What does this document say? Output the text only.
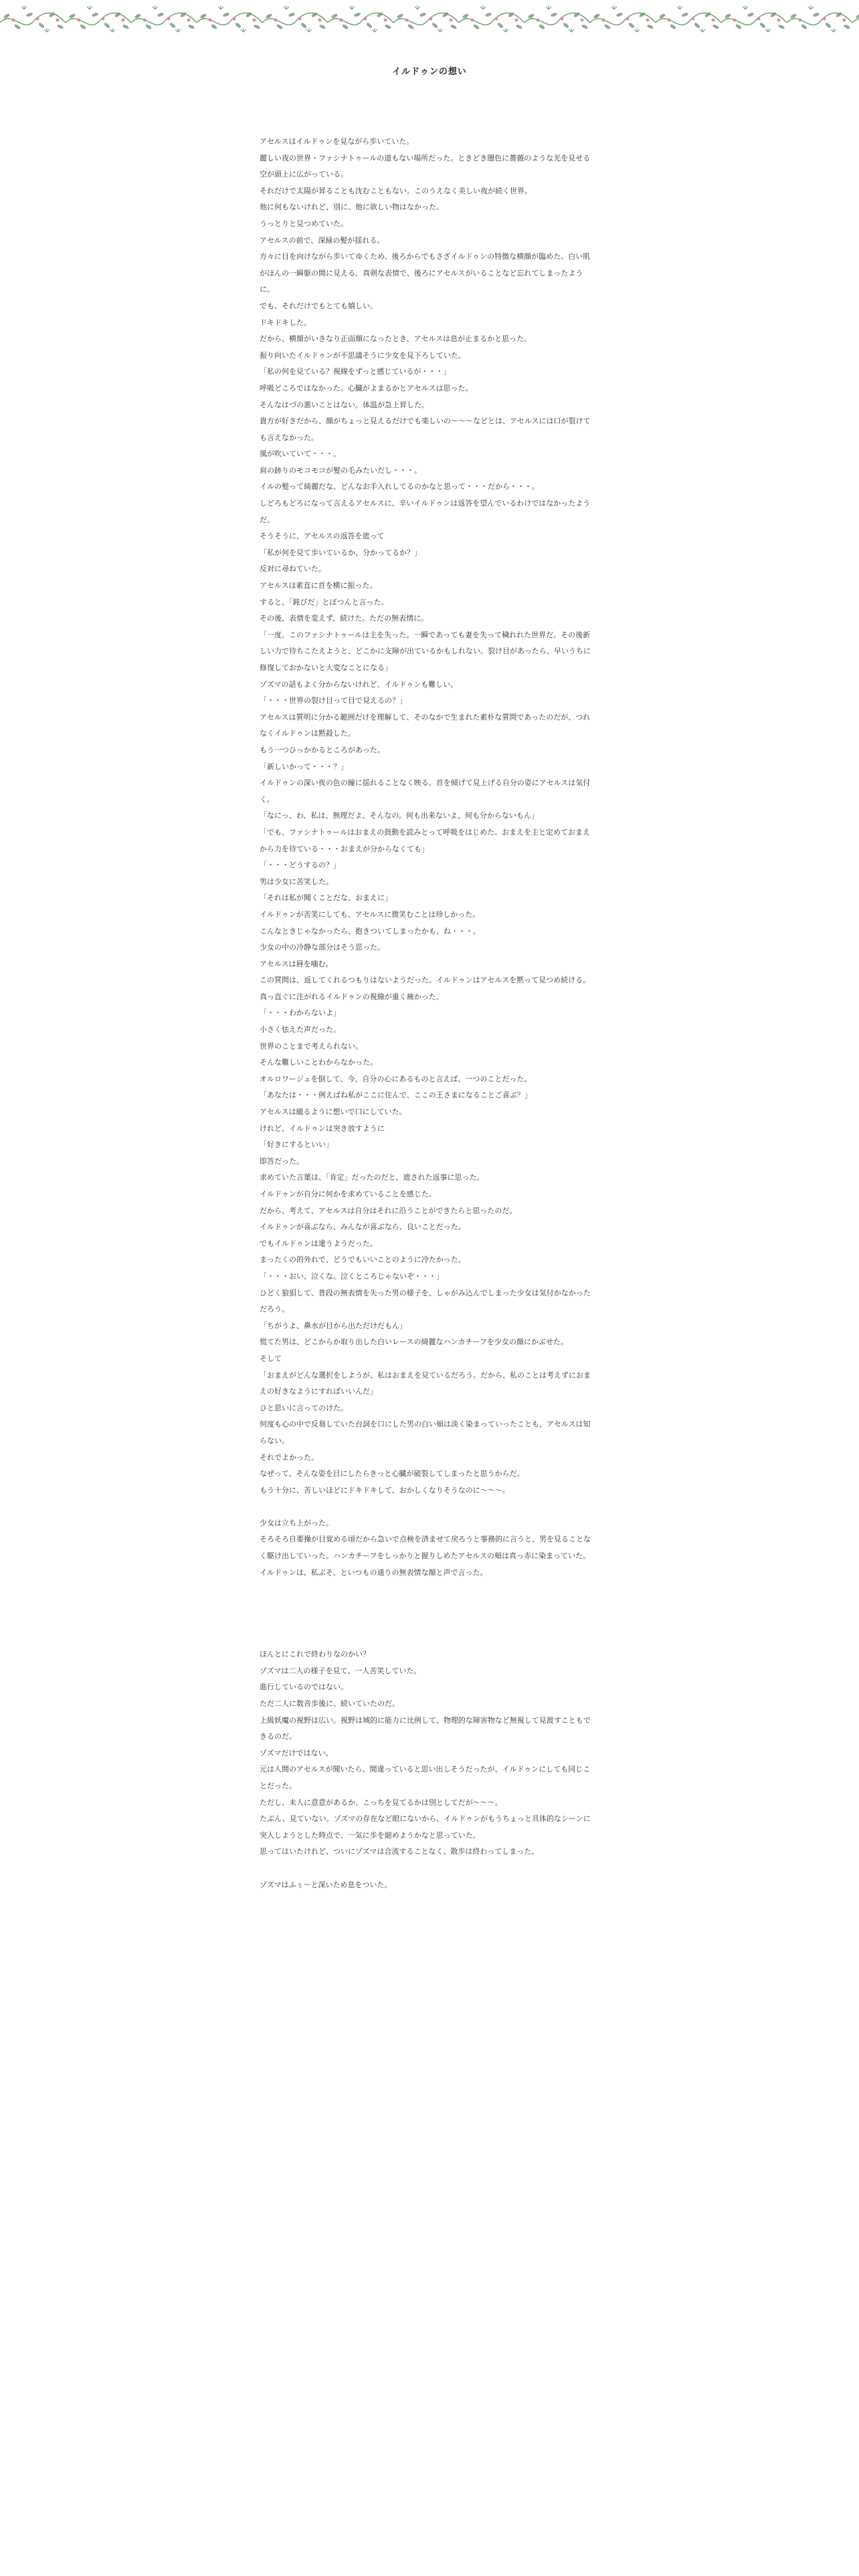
イルドゥンの想い

アセルスはイルドゥンを見ながら歩いていた。

麗しい夜の世界・ファシナトゥールの道もない場所だった。ときどき闇色に薔薇のような光を見せる空が頭上に広がっている。

それだけで太陽が昇ることも沈むこともない。このうえなく美しい夜が続く世界。

他に何もないけれど、別に、他に欲しい物はなかった。

うっとりと見つめていた。

アセルスの前で、深緑の髪が揺れる。

方々に目を向けながら歩いてゆくため、後ろからでもさざイルドゥンの特徴な横顔が臨めた。白い肌がほんの一瞬躯の間に見える。真剣な表情で、後ろにアセルスがいることなど忘れてしまったように。

でも、それだけでもとても嬉しい。

ドキドキした。

だから、横顔がいきなり正面顔になったとき、アセルスは息が止まるかと思った。

振り向いたイルドゥンが不思議そうに少女を見下ろしていた。

「私の何を見ている？視線をずっと感じているが・・・」

呼吸どころではなかった。心臓がよまるかとアセルスは思った。

そんなはづの悪いことはない。体温が急上昇した。

貴方が好きだから、顔がちょっと見えるだけでも楽しいの～～～などとは、アセルスには口が裂けても言えなかった。

風が吹いていて・・・。

肩の跡りのモコモコが髪の毛みたいだし・・・。

イルの髪って綺麗だな、どんなお手入れしてるのかなと思って・・・だから・・・。

しどろもどろになって言えるアセルスに、辛いイルドゥンは返答を望んでいるわけではなかったようだ。

そうそうに、アセルスの返答を遮って

「私が何を見て歩いているか、分かってるか？」

反対に尋ねていた。

アセルスは素直に首を横に振った。

すると、「鈍びだ」とぽつんと言った。

その後、表情を変えず、続けた。ただの無表情に。

「一度、このファシナトゥールは主を失った。一瞬であっても妻を失って穢れれた世界だ。その後新しい力で待ちこたえようと、どこかに支障が出ているかもしれない。裂け目があったら、早いうちに修復しておかないと大変なことになる」

ゾズマの話もよく分からないけれど、イルドゥンも難しい。

「・・・世界の裂け目って目で見えるの？」

アセルスは質明に分かる範囲だけを理解して、そのなかで生まれた素朴な質問であったのだが、つれなくイルドゥンは黙殺した。

もう一つひっかかるところがあった。

「新しいかって・・・？」

イルドゥンの深い夜の色の瞳に揺れることなく映る、首を傾げて見上げる自分の姿にアセルスは気付く。

「なにっ、わ、私は、無理だよ、そんなの。何も出来ないよ、何も分からないもん」

「でも、ファシナトゥールはおまえの鼓動を読みとって呼吸をはじめた。おまえを主と定めておまえから力を待ている・・・おまえが分からなくても」

「・・・どうするの？」

男は少女に苦笑した。

「それは私が聞くことだな、おまえに」

イルドゥンが苦笑にしても、アセルスに微笑むことは珍しかった。

こんなときじゃなかったら、抱きついてしまったかも、ね・・・。

少女の中の冷静な部分はそう思った。

アセルスは唇を噛む。

この質問は、返してくれるつもりはないようだった。イルドゥンはアセルスを黙って見つめ続ける。

真っ直ぐに注がれるイルドゥンの視線が重く痛かった。

「・・・わからないよ」

小さく怯えた声だった。

世界のことまで考えられない。

そんな難しいことわからなかった。

オルロワージュを倒して、今、自分の心にあるものと言えば、一つのことだった。

「あなたは・・・例えばね私がここに住んで、ここの王さまになることご喜ぶ？」

アセルスは縋るように想いで口にしていた。

けれど、イルドゥンは突き放すように

「好きにするといい」

即答だった。

求めていた言葉は、「肯定」だったのだと、遮された返事に思った。

イルドゥンが自分に何かを求めていることを感じた。

だから、考えて、アセルスは自分はそれに沿うことができたらと思ったのだ。

イルドゥンが喜ぶなら、みんなが喜ぶなら、良いことだった。

でもイルドゥンは違うようだった。

まったくの的外れで、どうでもいいことのように冷たかった。

「・・・おい、泣くな。泣くところじゃないぞ・・・」

ひどく狼狽して、普段の無表情を失った男の様子を、しゃがみ込んでしまった少女は気付かなかっただろう。

「ちがうよ、鼻水が目から出ただけだもん」

慌てた男は、どこからか取り出した白いレースの綺麗なハンカチーフを少女の顔にかぶせた。

そして

「おまえがどんな選択をしようが、私はおまえを見ているだろう。だから、私のことは考えずにおまえの好きなようにすればいいんだ」

ひと思いに言ってのけた。

何度も心の中で反芻していた台詞を口にした男の白い頬は淡く染まっていったことも、アセルスは知らない。

それでよかった。

なぜって、そんな姿を目にしたらきっと心臓が破裂してしまったと思うからだ。

もう十分に、苦しいほどにドキドキして、おかしくなりそうなのに～～～。

少女は立ち上がった。

そろそろ自要操が目覚める頃だから急いで点検を済ませて戻ろうと事務的に言うと、男を見ることなく駆け出していった。ハンカチーフをしっかりと握りしめたアセルスの頬は真っ赤に染まっていた。

イルドゥンは、私ぶそ、といつもの通りの無表情な顔と声で言った。

ほんとにこれで終わりなのかい？

ゾズマは二人の様子を見て、一人苦笑していた。

進行しているのではない。

ただ二人に数音歩後に、続いていたのだ。

上級妖魔の視野は広い。視野は城的に能力に比例して、物理的な障害物など無視して見渡すこともできるのだ。

ゾズマだけではない。

元は人間のアセルスが聞いたら、間違っていると思い出しそうだったが、イルドゥンにしても同じことだった。

ただし、未人に意意があるか、こっちを見てるかは別としてだが～～～。

たぶん、見ていない。ゾズマの存在など眼にないから、イルドゥンがもうちょっと具体的なシーンに突入しようとした時点で、一気に歩を縮めようかなと思っていた。

思ってはいたけれど、ついにゾズマは合流することなく、散歩は終わってしまった。

ゾズマはふぅ～と深いため息をついた。
